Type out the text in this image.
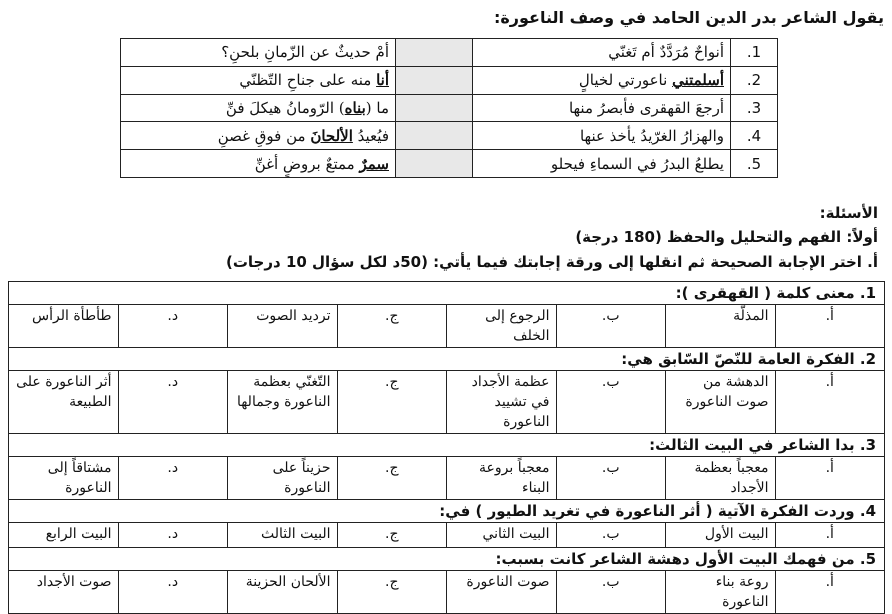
يقول الشاعر بدر الدين الحامد في وصف الناعورة:
1.	أنواحٌ مُرَدَّدٌ أم تَغنّي		أمْ حديثٌ عن الزّمانِ بلحنِ؟
2.	أسلمتني ناعورتي لخيالٍ		أنا منه على جناحِ التّظنّي
3.	أرجعَ القهقرى فأبصرُ منها		ما (بناه) الرّومانُ هيكلَ فنِّ
4.	والهزارُ الغرّيدُ يأخذ عنها		فيُعيدُ الألحانَ من فوقِ غصنِ
5.	يطلعُ البدرُ في السماءِ فيحلو		سمرٌ ممتعٌ بروضٍ أغنِّ
الأسئلة:
أولاً: الفهم والتحليل والحفظ (180 درجة)
أ. اختر الإجابة الصحيحة ثم انقلها إلى ورقة إجابتك فيما يأتي: (50د لكل سؤال 10 درجات)
1. معنى كلمة ( القهقرى ):							
أ.	المذلّة	ب.	الرجوع إلى الخلف	ج.	ترديد الصوت	د.	طأطأة الرأس
2. الفكرة العامة للنّصّ السّابق هي:							
أ.	الدهشة من صوت الناعورة	ب.	عظمة الأجداد في تشييد الناعورة	ج.	التّغنّي بعظمة الناعورة وجمالها	د.	أثر الناعورة على الطبيعة
3. بدا الشاعر في البيت الثالث:							
أ.	معجباً بعظمة الأجداد	ب.	معجباً بروعة البناء	ج.	حزيناً على الناعورة	د.	مشتاقاً إلى الناعورة
4. وردت الفكرة الآتية ( أثر الناعورة في تغريد الطيور ) في:							
أ.	البيت الأول	ب.	البيت الثاني	ج.	البيت الثالث	د.	البيت الرابع
5. من فهمك البيت الأول دهشة الشاعر كانت بسبب:							
أ.	روعة بناء الناعورة	ب.	صوت الناعورة	ج.	الألحان الحزينة	د.	صوت الأجداد
